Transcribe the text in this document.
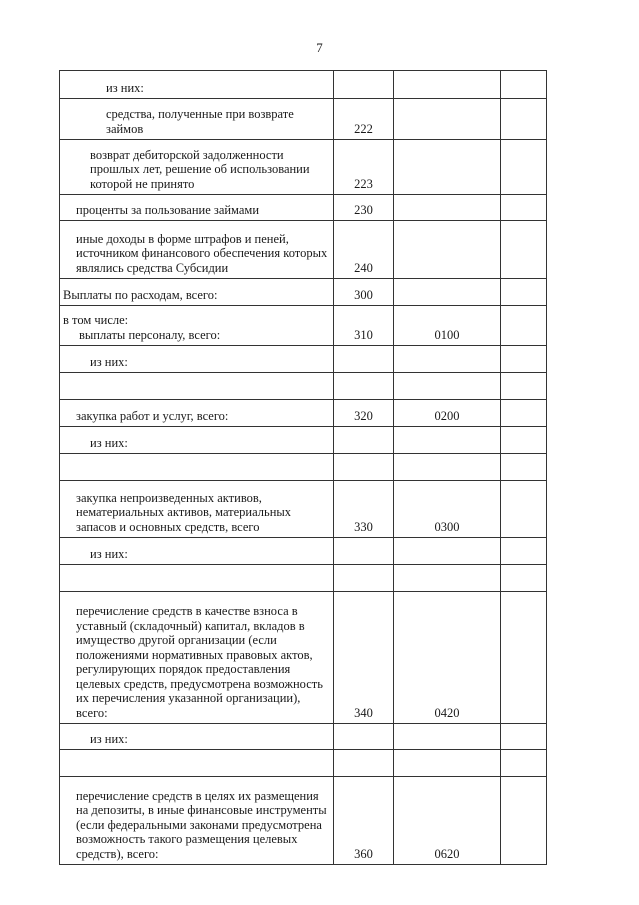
7
из них:			
средства, полученные при возврате займов	222		
возврат дебиторской задолженности прошлых лет, решение об использовании которой не принято	223		
проценты за пользование займами	230		
иные доходы в форме штрафов и пеней, источником финансового обеспечения которых являлись средства Субсидии	240		
Выплаты по расходам, всего:	300		

в том числе:
выплаты персоналу, всего:	310	0100	
из них:			

закупка работ и услуг, всего:	320	0200	
из них:			

закупка непроизведенных активов, нематериальных активов, материальных запасов и основных средств, всего	330	0300	
из них:			

перечисление средств в качестве взноса в уставный (складочный) капитал, вкладов в имущество другой организации (если положениями нормативных правовых актов, регулирующих порядок предоставления целевых средств, предусмотрена возможность их перечисления указанной организации), всего:	340	0420	
из них:			

перечисление средств в целях их размещения на депозиты, в иные финансовые инструменты (если федеральными законами предусмотрена возможность такого размещения целевых средств), всего:	360	0620	
